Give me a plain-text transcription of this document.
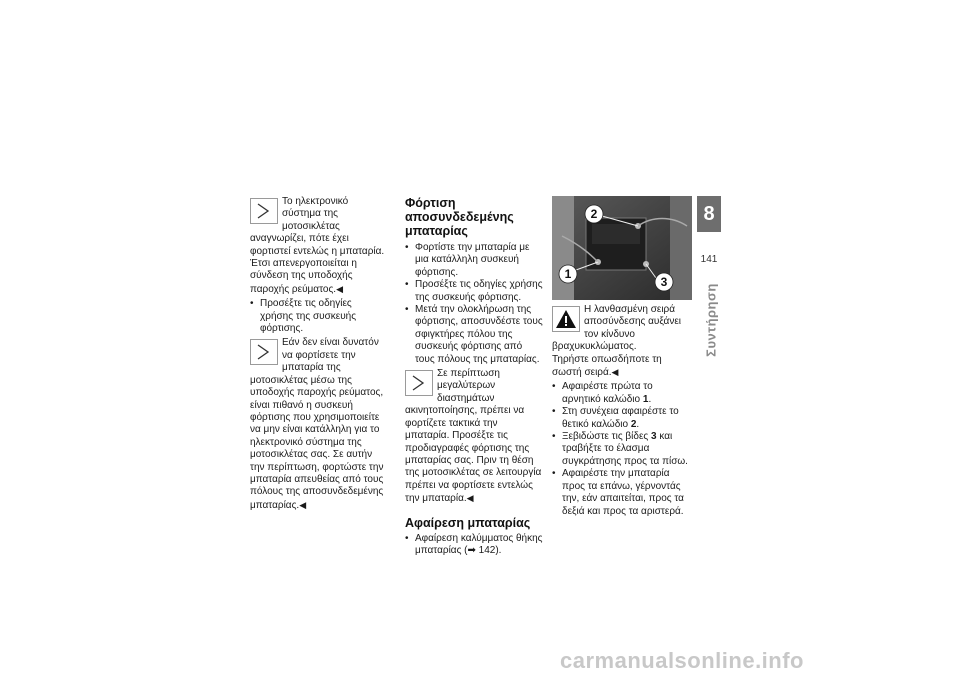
Το ηλεκτρονικό σύστημα της μοτοσικλέτας αναγνωρίζει, πότε έχει φορτιστεί εντελώς η μπαταρία. Έτσι απενεργοποιείται η σύνδεση της υποδοχής παροχής ρεύματος.◀

• Προσέξτε τις οδηγίες χρήσης της συσκευής φόρτισης.

Εάν δεν είναι δυνατόν να φορτίσετε την μπαταρία της μοτοσικλέτας μέσω της υποδοχής παροχής ρεύματος, είναι πιθανό η συσκευή φόρτισης που χρησιμοποιείτε να μην είναι κατάλληλη για το ηλεκτρονικό σύστημα της μοτοσικλέτας σας. Σε αυτήν την περίπτωση, φορτώστε την μπαταρία απευθείας από τους πόλους της αποσυνδεδεμένης μπαταρίας.◀

Φόρτιση αποσυνδεδεμένης μπαταρίας
• Φορτίστε την μπαταρία με μια κατάλληλη συσκευή φόρτισης.
• Προσέξτε τις οδηγίες χρήσης της συσκευής φόρτισης.
• Μετά την ολοκλήρωση της φόρτισης, αποσυνδέστε τους σφιγκτήρες πόλου της συσκευής φόρτισης από τους πόλους της μπαταρίας.

Σε περίπτωση μεγαλύτερων διαστημάτων ακινητοποίησης, πρέπει να φορτίζετε τακτικά την μπαταρία. Προσέξτε τις προδιαγραφές φόρτισης της μπαταρίας σας. Πριν τη θέση της μοτοσικλέτας σε λειτουργία πρέπει να φορτίσετε εντελώς την μπαταρία.◀

Αφαίρεση μπαταρίας
• Αφαίρεση καλύμματος θήκης μπαταρίας (➡ 142).
1
2
3

Η λανθασμένη σειρά αποσύνδεσης αυξάνει τον κίνδυνο βραχυκυκλώματος.

Τηρήστε οπωσδήποτε τη σωστή σειρά.◀

• Αφαιρέστε πρώτα το αρνητικό καλώδιο 1.
• Στη συνέχεια αφαιρέστε το θετικό καλώδιο 2.
• Ξεβιδώστε τις βίδες 3 και τραβήξτε το έλασμα συγκράτησης προς τα πίσω.
• Αφαιρέστε την μπαταρία προς τα επάνω, γέρνοντάς την, εάν απαιτείται, προς τα δεξιά και προς τα αριστερά.
8
141
Συντήρηση
carmanualsonline.info
